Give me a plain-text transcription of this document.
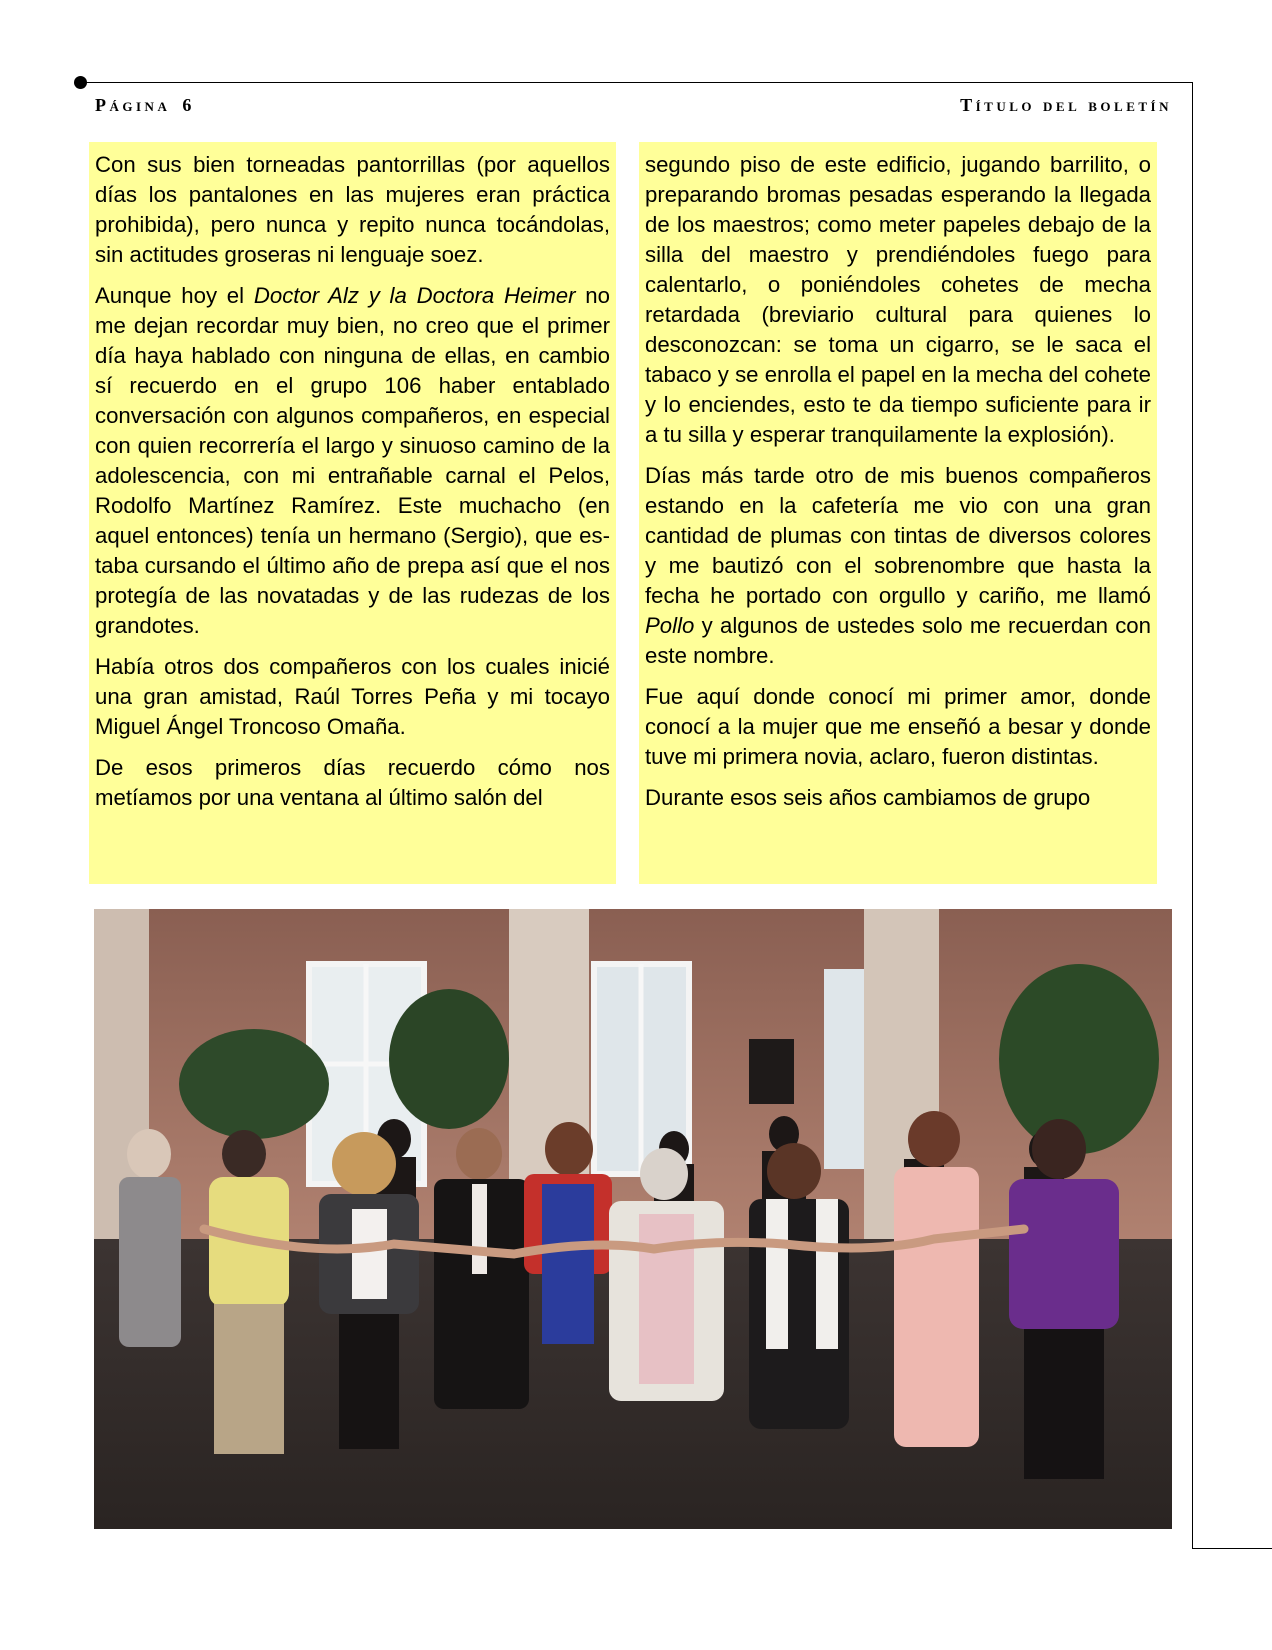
Página 6	Título del boletín

Con sus bien torneadas pantorrillas (por aquellos días los pantalones en las mujeres eran práctica prohibida), pero nunca y repito nunca tocándolas, sin actitudes groseras ni lenguaje soez.

Aunque hoy el Doctor Alz y la Doctora Heimer no me dejan recordar muy bien, no creo que el primer día haya hablado con ninguna de ellas, en cambio sí recuerdo en el grupo 106 haber entablado conversación con algunos compañeros, en especial con quien recorrería el largo y sinuoso camino de la adolescencia, con mi entrañable carnal el Pelos, Rodolfo Martínez Ramírez. Este muchacho (en aquel entonces) tenía un hermano (Sergio), que estaba cursando el último año de prepa así que el nos protegía de las novatadas y de las rudezas de los grandotes.

Había otros dos compañeros con los cuales inicié una gran amistad, Raúl Torres Peña y mi tocayo Miguel Ángel Troncoso Omaña.

De esos primeros días recuerdo cómo nos metíamos por una ventana al último salón del

segundo piso de este edificio, jugando barrilito, o preparando bromas pesadas esperando la llegada de los maestros; como meter papeles debajo de la silla del maestro y prendiéndoles fuego para calentarlo, o poniéndoles cohetes de mecha retardada (breviario cultural para quienes lo desconozcan: se toma un cigarro, se le saca el tabaco y se enrolla el papel en la mecha del cohete y lo enciendes, esto te da tiempo suficiente para ir a tu silla y esperar tranquilamente la explosión).

Días más tarde otro de mis buenos compañeros estando en la cafetería me vio con una gran cantidad de plumas con tintas de diversos colores y me bautizó con el sobrenombre que hasta la fecha he portado con orgullo y cariño, me llamó Pollo y algunos de ustedes solo me recuerdan con este nombre.

Fue aquí donde conocí mi primer amor, donde conocí a la mujer que me enseñó a besar y donde tuve mi primera novia, aclaro, fueron distintas.

Durante esos seis años cambiamos de grupo
